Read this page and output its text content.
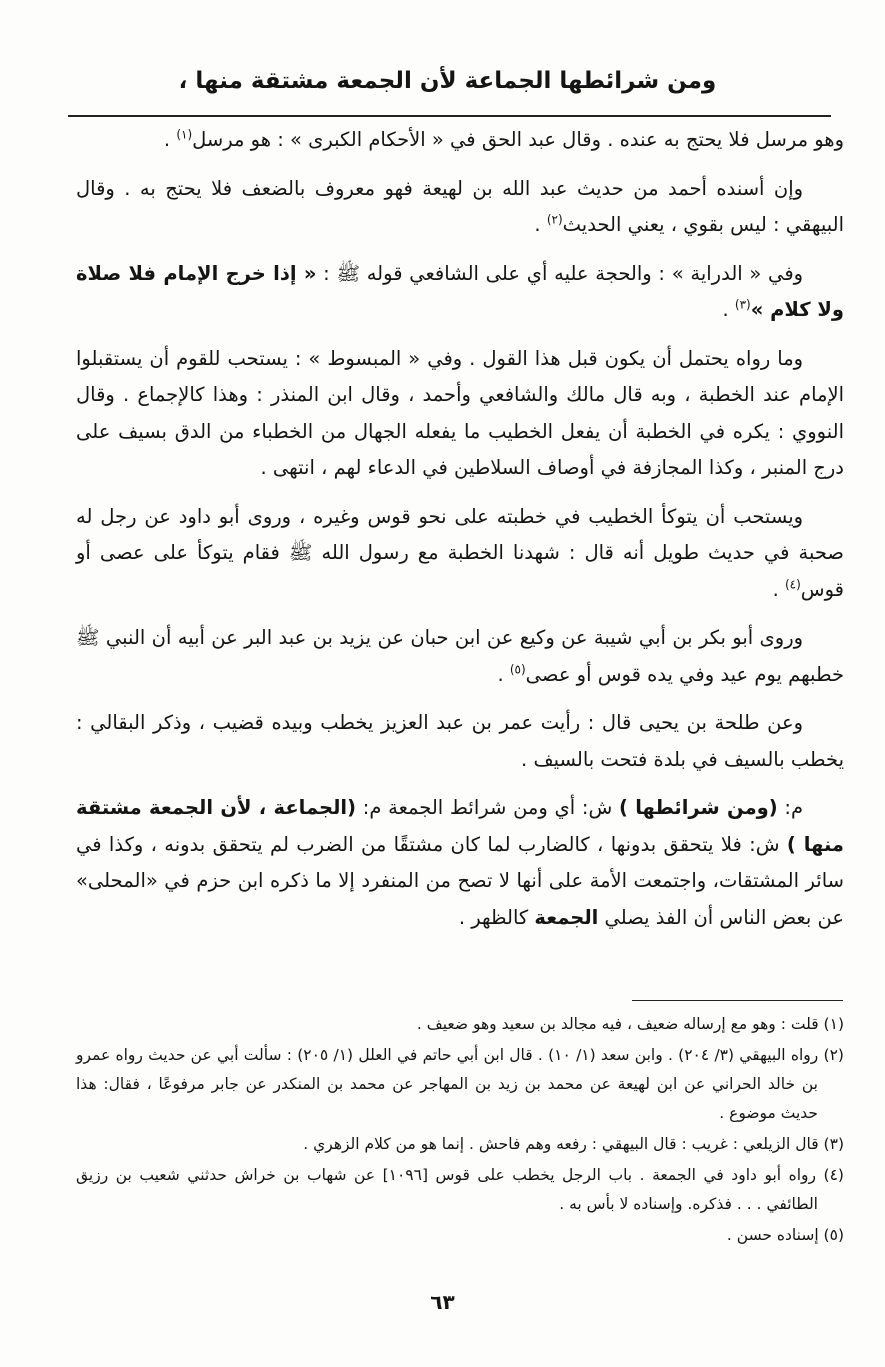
ومن شرائطها الجماعة لأن الجمعة مشتقة منها ،

وهو مرسل فلا يحتج به عنده . وقال عبد الحق في « الأحكام الكبرى » : هو مرسل$^{(١)}$ .

وإن أسنده أحمد من حديث عبد الله بن لهيعة فهو معروف بالضعف فلا يحتج به . وقال البيهقي : ليس بقوي ، يعني الحديث$^{(٢)}$ .

وفي « الدراية » : والحجة عليه أي على الشافعي قوله ﷺ : « إذا خرج الإمام فلا صلاة ولا كلام »$^{(٣)}$ .

وما رواه يحتمل أن يكون قبل هذا القول . وفي « المبسوط » : يستحب للقوم أن يستقبلوا الإمام عند الخطبة ، وبه قال مالك والشافعي وأحمد ، وقال ابن المنذر : وهذا كالإجماع . وقال النووي : يكره في الخطبة أن يفعل الخطيب ما يفعله الجهال من الخطباء من الدق بسيف على درج المنبر ، وكذا المجازفة في أوصاف السلاطين في الدعاء لهم ، انتهى .

ويستحب أن يتوكأ الخطيب في خطبته على نحو قوس وغيره ، وروى أبو داود عن رجل له صحبة في حديث طويل أنه قال : شهدنا الخطبة مع رسول الله ﷺ فقام يتوكأ على عصى أو قوس$^{(٤)}$ .

وروى أبو بكر بن أبي شيبة عن وكيع عن ابن حبان عن يزيد بن عبد البر عن أبيه أن النبي ﷺ خطبهم يوم عيد وفي يده قوس أو عصى$^{(٥)}$ .

وعن طلحة بن يحيى قال : رأيت عمر بن عبد العزيز يخطب وبيده قضيب ، وذكر البقالي : يخطب بالسيف في بلدة فتحت بالسيف .

م: (ومن شرائطها ) ش: أي ومن شرائط الجمعة م: (الجماعة ، لأن الجمعة مشتقة منها ) ش: فلا يتحقق بدونها ، كالضارب لما كان مشتقًا من الضرب لم يتحقق بدونه ، وكذا في سائر المشتقات، واجتمعت الأمة على أنها لا تصح من المنفرد إلا ما ذكره ابن حزم في «المحلى» عن بعض الناس أن الفذ يصلي الجمعة كالظهر .

(١) قلت : وهو مع إرساله ضعيف ، فيه مجالد بن سعيد وهو ضعيف .

(٢) رواه البيهقي (٣/ ٢٠٤) . وابن سعد (١/ ١٠) . قال ابن أبي حاتم في العلل (١/ ٢٠٥) : سألت أبي عن حديث رواه عمرو بن خالد الحراني عن ابن لهيعة عن محمد بن زيد بن المهاجر عن محمد بن المنكدر عن جابر مرفوعًا ، فقال: هذا حديث موضوع .

(٣) قال الزيلعي : غريب : قال البيهقي : رفعه وهم فاحش . إنما هو من كلام الزهري .

(٤) رواه أبو داود في الجمعة . باب الرجل يخطب على قوس [١٠٩٦] عن شهاب بن خراش حدثني شعيب بن رزيق الطائفي . . . فذكره. وإسناده لا بأس به .

(٥) إسناده حسن .

٦٣
